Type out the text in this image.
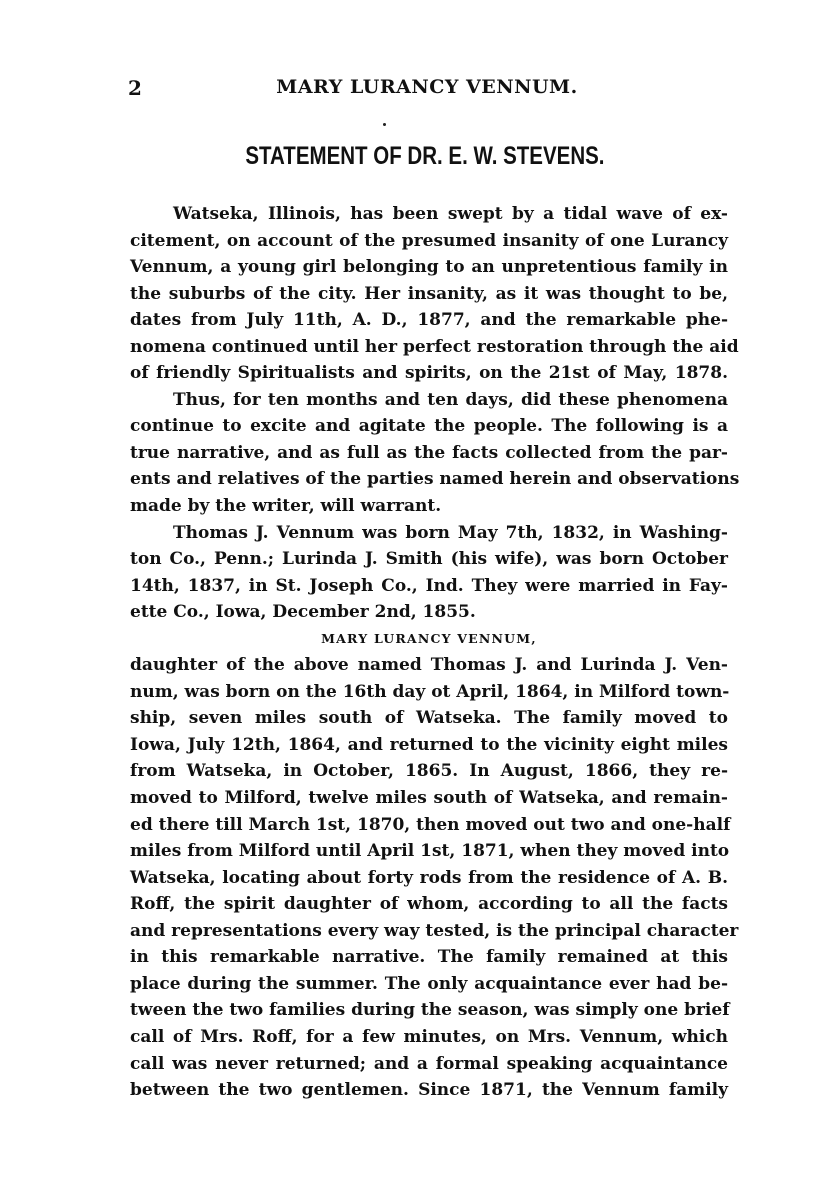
2	MARY LURANCY VENNUM.
STATEMENT OF DR. E. W. STEVENS.
Watseka, Illinois, has been swept by a tidal wave of ex-
citement, on account of the presumed insanity of one Lurancy
Vennum, a young girl belonging to an unpretentious family in
the suburbs of the city. Her insanity, as it was thought to be,
dates from July 11th, A. D., 1877, and the remarkable phe-
nomena continued until her perfect restoration through the aid
of friendly Spiritualists and spirits, on the 21st of May, 1878.
Thus, for ten months and ten days, did these phenomena
continue to excite and agitate the people. The following is a
true narrative, and as full as the facts collected from the par-
ents and relatives of the parties named herein and observations
made by the writer, will warrant.
Thomas J. Vennum was born May 7th, 1832, in Washing-
ton Co., Penn.; Lurinda J. Smith (his wife), was born October
14th, 1837, in St. Joseph Co., Ind. They were married in Fay-
ette Co., Iowa, December 2nd, 1855.
MARY LURANCY VENNUM,
daughter of the above named Thomas J. and Lurinda J. Ven-
num, was born on the 16th day ot April, 1864, in Milford town-
ship, seven miles south of Watseka. The family moved to
Iowa, July 12th, 1864, and returned to the vicinity eight miles
from Watseka, in October, 1865. In August, 1866, they re-
moved to Milford, twelve miles south of Watseka, and remain-
ed there till March 1st, 1870, then moved out two and one-half
miles from Milford until April 1st, 1871, when they moved into
Watseka, locating about forty rods from the residence of A. B.
Roff, the spirit daughter of whom, according to all the facts
and representations every way tested, is the principal character
in this remarkable narrative. The family remained at this
place during the summer. The only acquaintance ever had be-
tween the two families during the season, was simply one brief
call of Mrs. Roff, for a few minutes, on Mrs. Vennum, which
call was never returned; and a formal speaking acquaintance
between the two gentlemen. Since 1871, the Vennum family
